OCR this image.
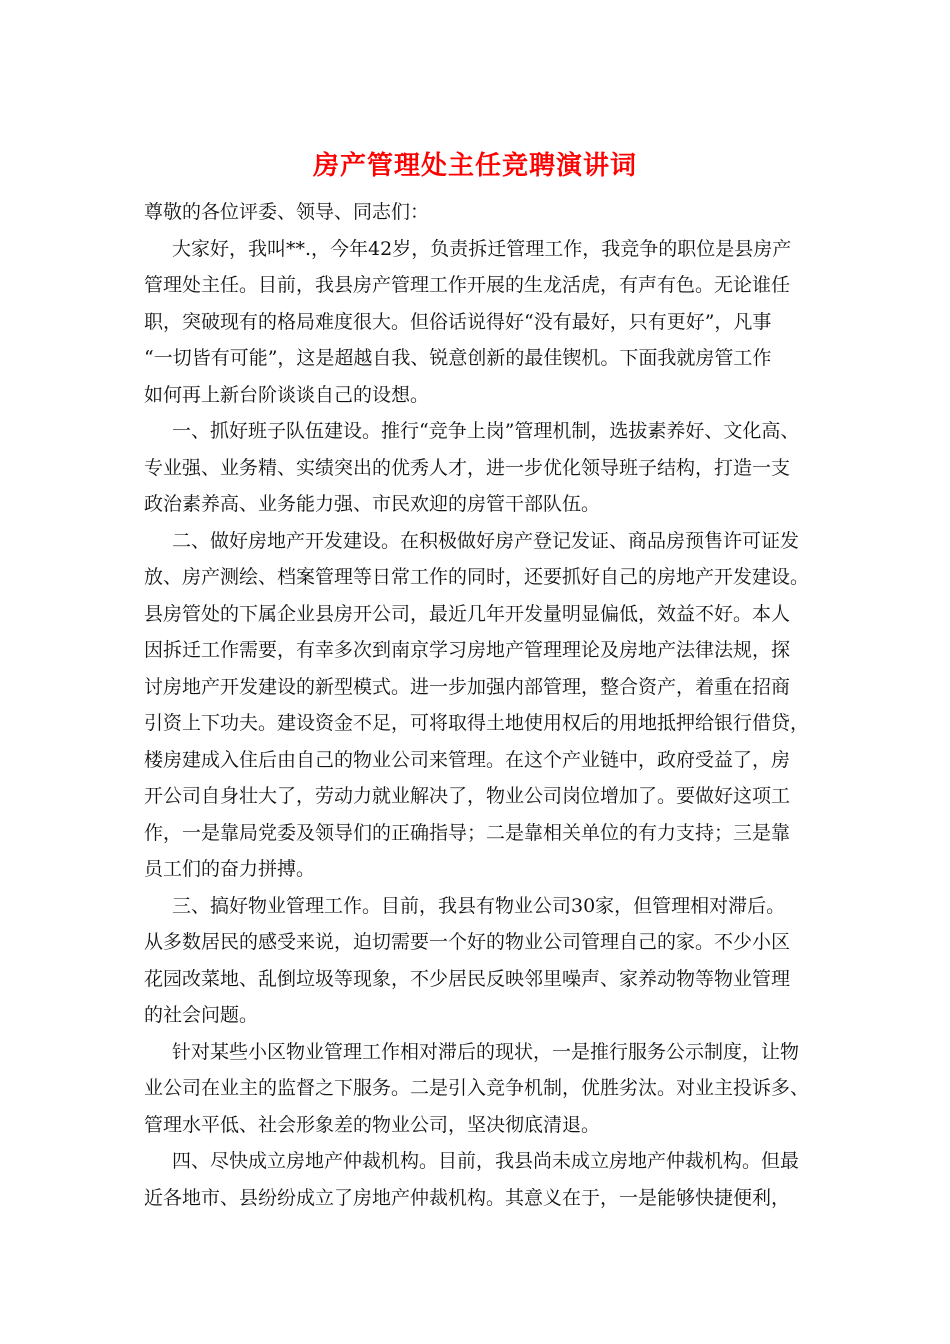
房产管理处主任竞聘演讲词
尊敬的各位评委、领导、同志们：
大家好，我叫**.，今年42岁，负责拆迁管理工作，我竞争的职位是县房产
管理处主任。目前，我县房产管理工作开展的生龙活虎，有声有色。无论谁任
职，突破现有的格局难度很大。但俗话说得好“没有最好，只有更好”，凡事
“一切皆有可能”，这是超越自我、锐意创新的最佳锲机。下面我就房管工作
如何再上新台阶谈谈自己的设想。
一、抓好班子队伍建设。推行“竞争上岗”管理机制，选拔素养好、文化高、
专业强、业务精、实绩突出的优秀人才，进一步优化领导班子结构，打造一支
政治素养高、业务能力强、市民欢迎的房管干部队伍。
二、做好房地产开发建设。在积极做好房产登记发证、商品房预售许可证发
放、房产测绘、档案管理等日常工作的同时，还要抓好自己的房地产开发建设。
县房管处的下属企业县房开公司，最近几年开发量明显偏低，效益不好。本人
因拆迁工作需要，有幸多次到南京学习房地产管理理论及房地产法律法规，探
讨房地产开发建设的新型模式。进一步加强内部管理，整合资产，着重在招商
引资上下功夫。建设资金不足，可将取得土地使用权后的用地抵押给银行借贷，
楼房建成入住后由自己的物业公司来管理。在这个产业链中，政府受益了，房
开公司自身壮大了，劳动力就业解决了，物业公司岗位增加了。要做好这项工
作，一是靠局党委及领导们的正确指导；二是靠相关单位的有力支持；三是靠
员工们的奋力拼搏。
三、搞好物业管理工作。目前，我县有物业公司30家，但管理相对滞后。
从多数居民的感受来说，迫切需要一个好的物业公司管理自己的家。不少小区
花园改菜地、乱倒垃圾等现象，不少居民反映邻里噪声、家养动物等物业管理
的社会问题。
针对某些小区物业管理工作相对滞后的现状，一是推行服务公示制度，让物
业公司在业主的监督之下服务。二是引入竞争机制，优胜劣汰。对业主投诉多、
管理水平低、社会形象差的物业公司，坚决彻底清退。
四、尽快成立房地产仲裁机构。目前，我县尚未成立房地产仲裁机构。但最
近各地市、县纷纷成立了房地产仲裁机构。其意义在于，一是能够快捷便利，
